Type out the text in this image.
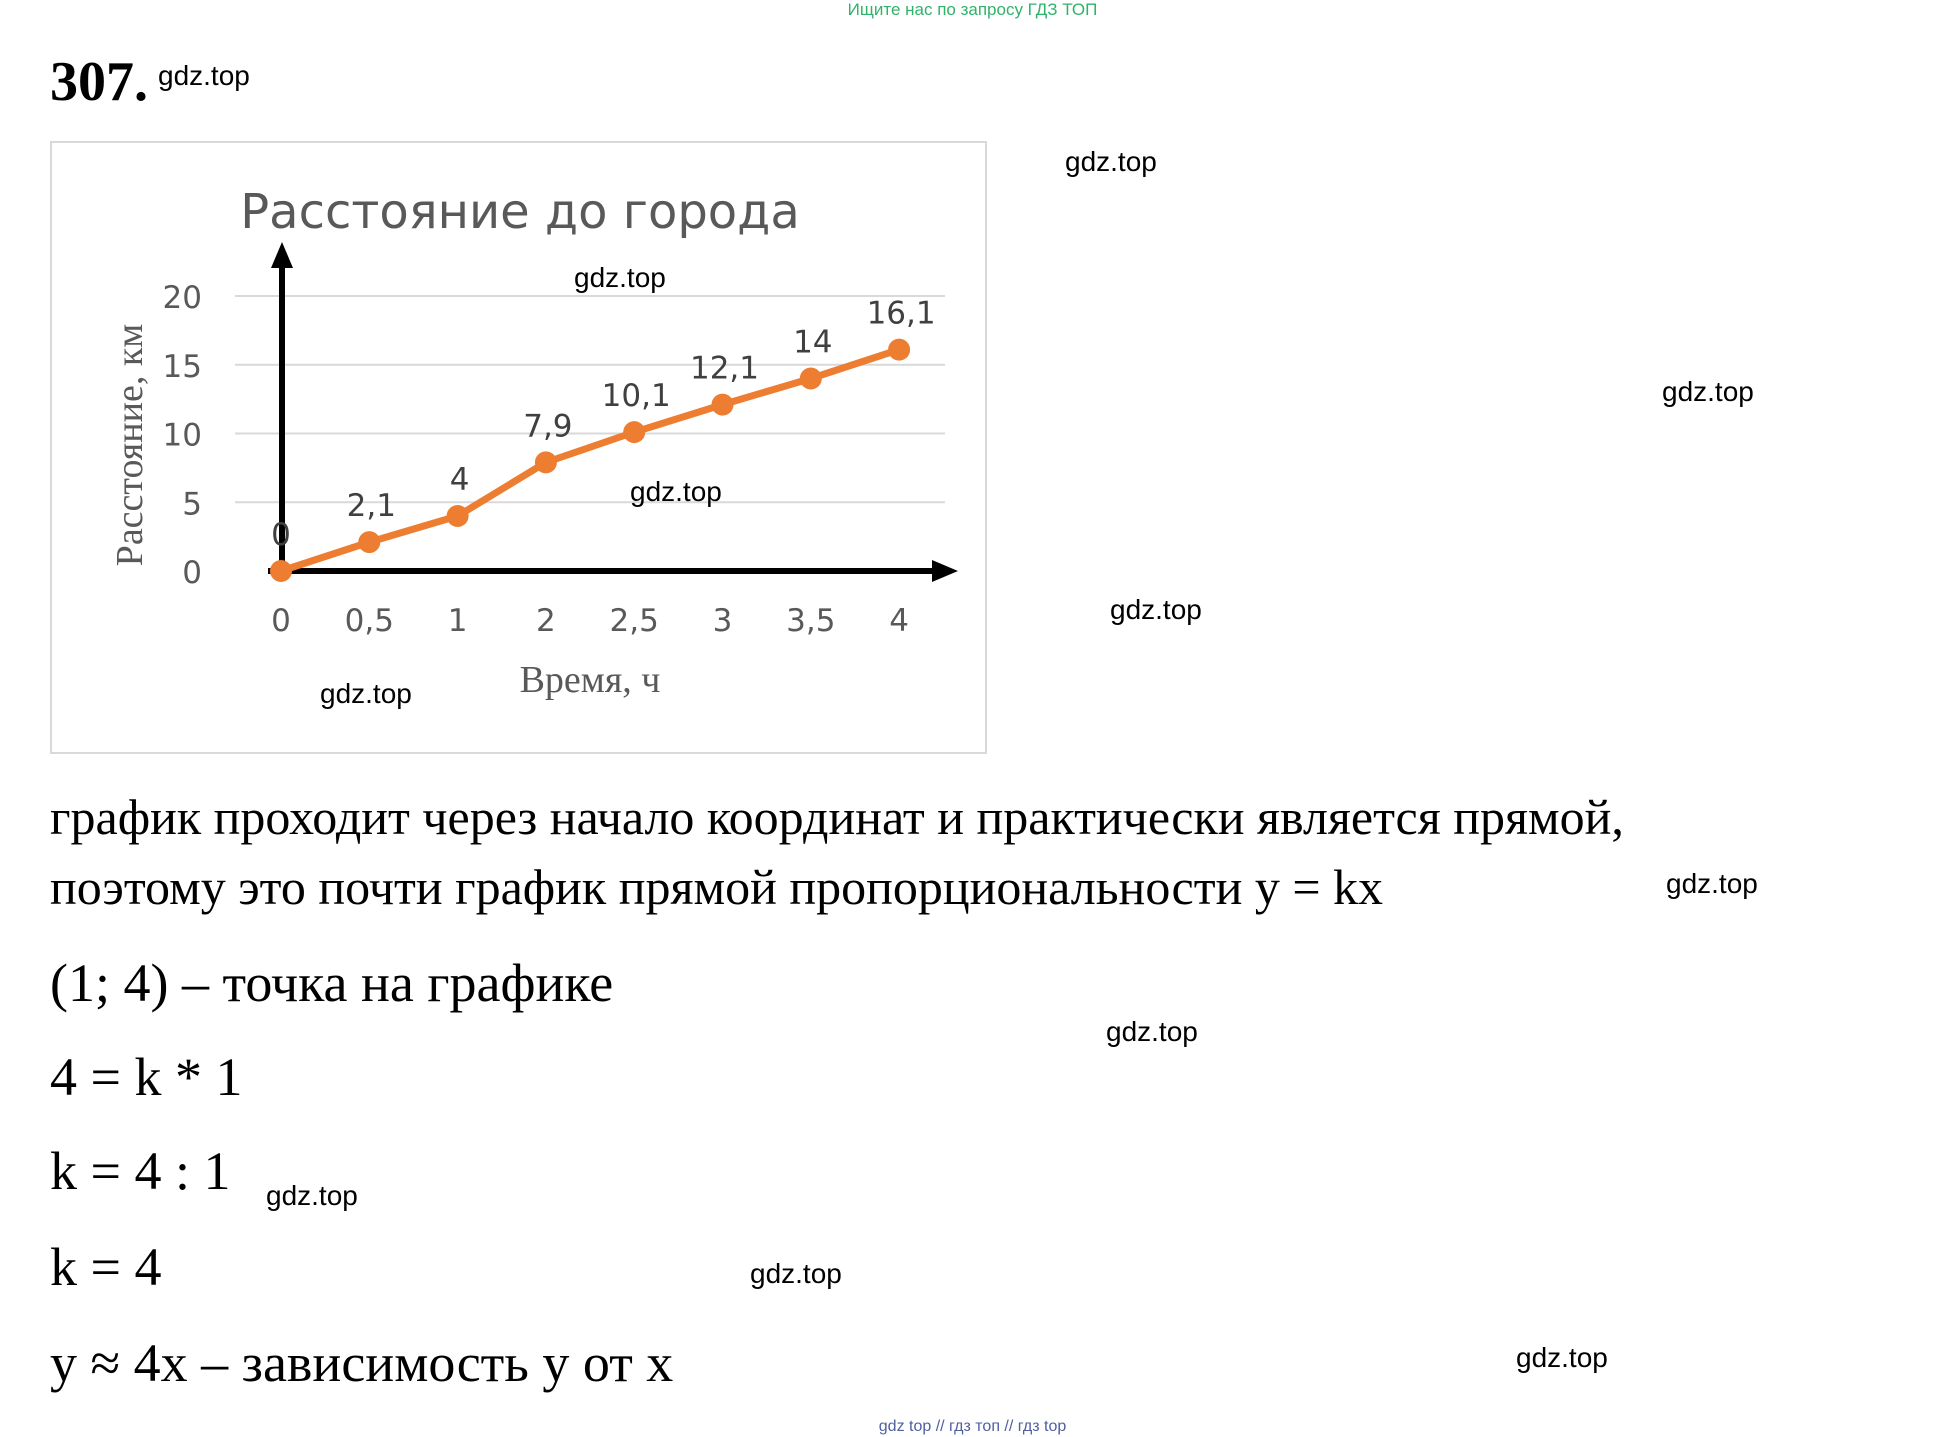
Ищите нас по запросу ГДЗ ТОП
307. gdz.top
Расстояние до города
Расстояние, км
Время, ч
0
5
10
15
20
0 0,5 1 2 2,5 3 3,5 4
0
2,1
4
7,9
10,1
12,1
14
16,1
gdz.top
gdz.top
gdz.top
gdz.top
gdz.top
gdz.top
график проходит через начало координат и практически является прямой,
поэтому это почти график прямой пропорциональности y = kx	gdz.top
(1; 4) – точка на графике
gdz.top
4 = k * 1
k = 4 : 1 gdz.top
k = 4	gdz.top
y ≈ 4x – зависимость y от x	gdz.top
gdz top // гдз топ // гдз top
